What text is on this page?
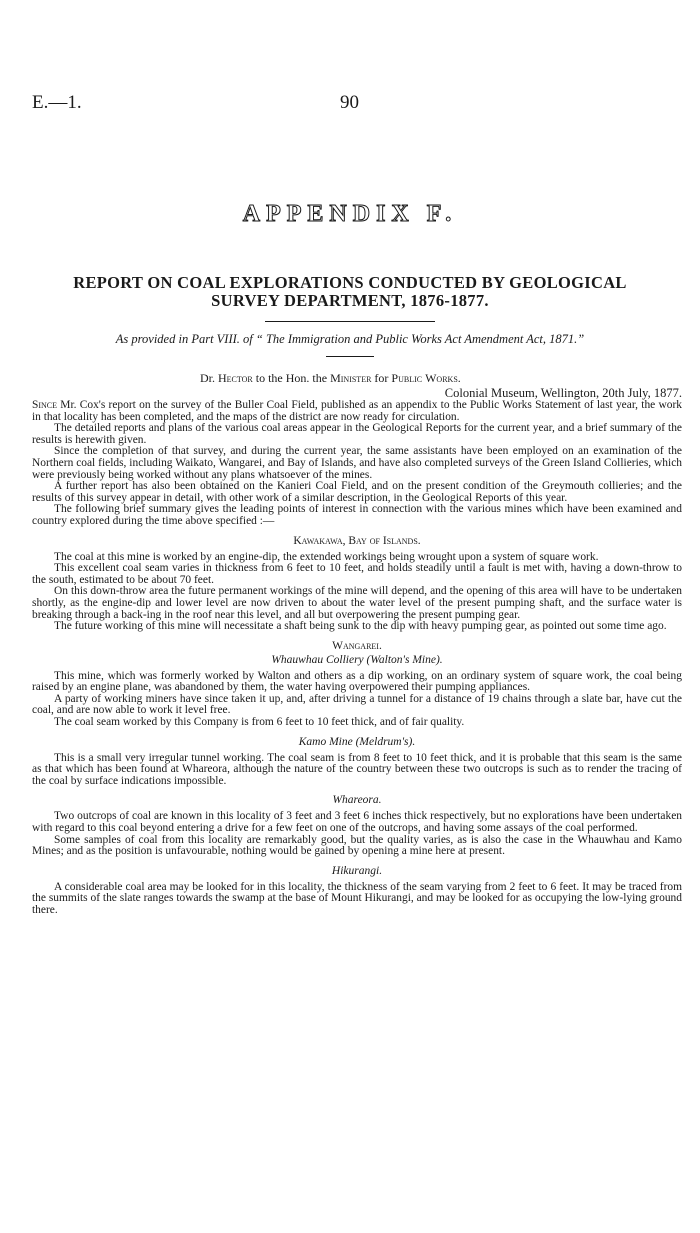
E.—1.	90
APPENDIX F.
REPORT ON COAL EXPLORATIONS CONDUCTED BY GEOLOGICAL
SURVEY DEPARTMENT, 1876-1877.
As provided in Part VIII. of “ The Immigration and Public Works Act Amendment Act, 1871.”
Dr. Hector to the Hon. the Minister for Public Works.
Colonial Museum, Wellington, 20th July, 1877.

Since Mr. Cox's report on the survey of the Buller Coal Field, published as an appendix to the Public Works Statement of last year, the work in that locality has been completed, and the maps of the district are now ready for circulation.

The detailed reports and plans of the various coal areas appear in the Geological Reports for the current year, and a brief summary of the results is herewith given.

Since the completion of that survey, and during the current year, the same assistants have been employed on an examination of the Northern coal fields, including Waikato, Wangarei, and Bay of Islands, and have also completed surveys of the Green Island Collieries, which were previously being worked without any plans whatsoever of the mines.

A further report has also been obtained on the Kanieri Coal Field, and on the present condition of the Greymouth collieries; and the results of this survey appear in detail, with other work of a similar description, in the Geological Reports of this year.

The following brief summary gives the leading points of interest in connection with the various mines which have been examined and country explored during the time above specified :—

Kawakawa, Bay of Islands.

The coal at this mine is worked by an engine-dip, the extended workings being wrought upon a system of square work.

This excellent coal seam varies in thickness from 6 feet to 10 feet, and holds steadily until a fault is met with, having a down-throw to the south, estimated to be about 70 feet.

On this down-throw area the future permanent workings of the mine will depend, and the opening of this area will have to be undertaken shortly, as the engine-dip and lower level are now driven to about the water level of the present pumping shaft, and the surface water is breaking through a back-ing in the roof near this level, and all but overpowering the present pumping gear.

The future working of this mine will necessitate a shaft being sunk to the dip with heavy pumping gear, as pointed out some time ago.

Wangarei.
Whauwhau Colliery (Walton's Mine).

This mine, which was formerly worked by Walton and others as a dip working, on an ordinary system of square work, the coal being raised by an engine plane, was abandoned by them, the water having overpowered their pumping appliances.

A party of working miners have since taken it up, and, after driving a tunnel for a distance of 19 chains through a slate bar, have cut the coal, and are now able to work it level free.

The coal seam worked by this Company is from 6 feet to 10 feet thick, and of fair quality.

Kamo Mine (Meldrum's).

This is a small very irregular tunnel working. The coal seam is from 8 feet to 10 feet thick, and it is probable that this seam is the same as that which has been found at Whareora, although the nature of the country between these two outcrops is such as to render the tracing of the coal by surface indications impossible.

Whareora.

Two outcrops of coal are known in this locality of 3 feet and 3 feet 6 inches thick respectively, but no explorations have been undertaken with regard to this coal beyond entering a drive for a few feet on one of the outcrops, and having some assays of the coal performed.

Some samples of coal from this locality are remarkably good, but the quality varies, as is also the case in the Whauwhau and Kamo Mines; and as the position is unfavourable, nothing would be gained by opening a mine here at present.

Hikurangi.

A considerable coal area may be looked for in this locality, the thickness of the seam varying from 2 feet to 6 feet. It may be traced from the summits of the slate ranges towards the swamp at the base of Mount Hikurangi, and may be looked for as occupying the low-lying ground there.
